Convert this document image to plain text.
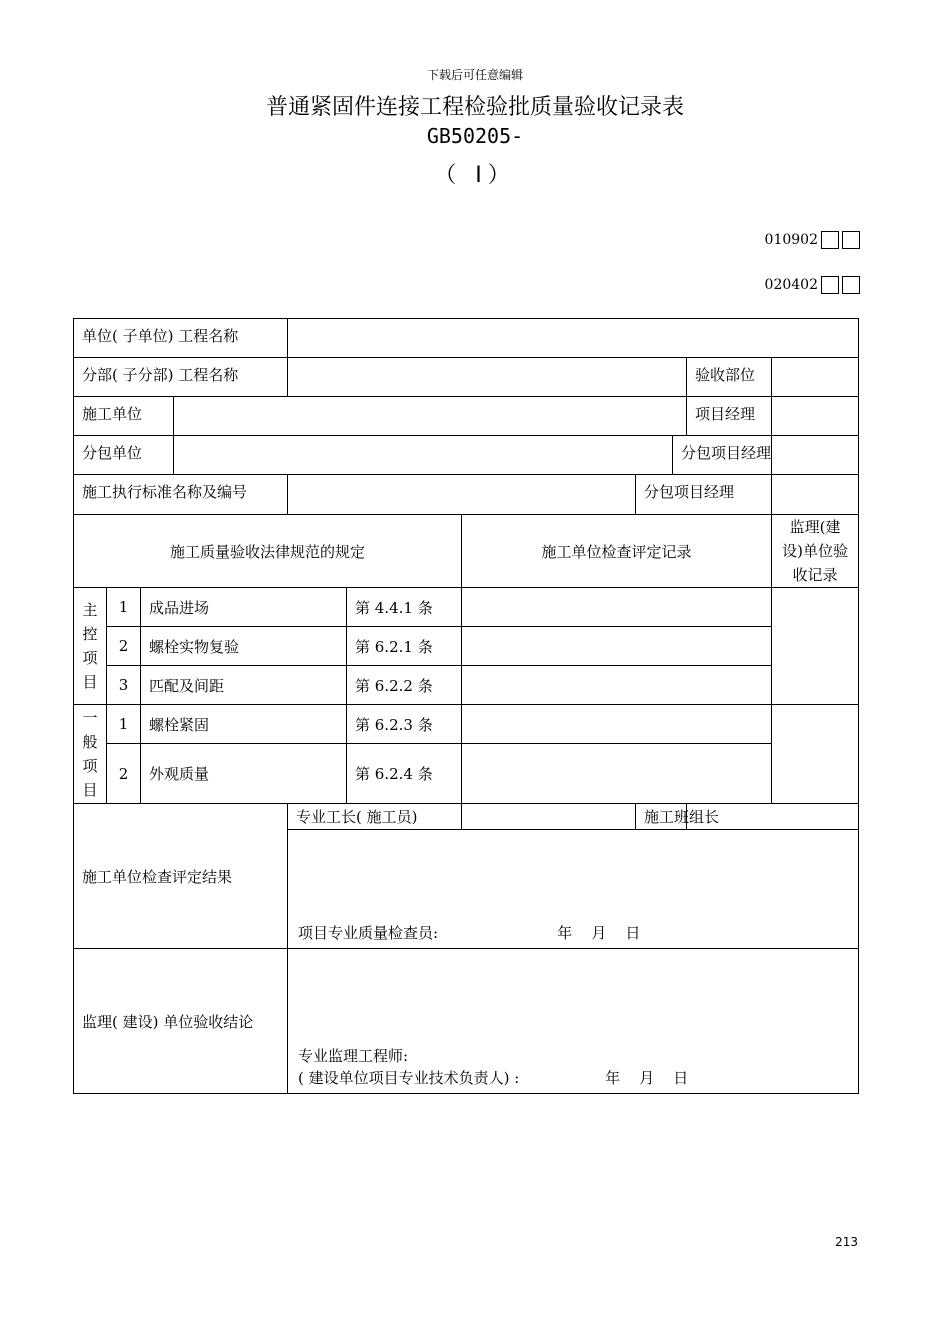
下载后可任意编辑
普通紧固件连接工程检验批质量验收记录表
GB50205-
（ I）
010902
020402
单位( 子单位) 工程名称										
分部( 子分部) 工程名称									验收部位	
施工单位									项目经理	
分包单位								分包项目经理		
施工执行标准名称及编号							分包项目经理			
施工质量验收法律规范的规定						施工单位检查评定记录				监理(建设)单位验收记录

主
控
项
目	1	成品进场			第 4.4.1 条					
	2	螺栓实物复验			第 6.2.1 条					
	3	匹配及间距			第 6.2.2 条					

一
般
项
目	1	螺栓紧固			第 6.2.3 条					
	2	外观质量			第 6.2.4 条					
施工单位检查评定结果				专业工长( 施工员)			施工班组长			

				项目专业质量检查员:                         年    月    日						

监理( 建设) 单位验收结论				专业监理工程师:
( 建设单位项目专业技术负责人) :                  年    月    日						
213
